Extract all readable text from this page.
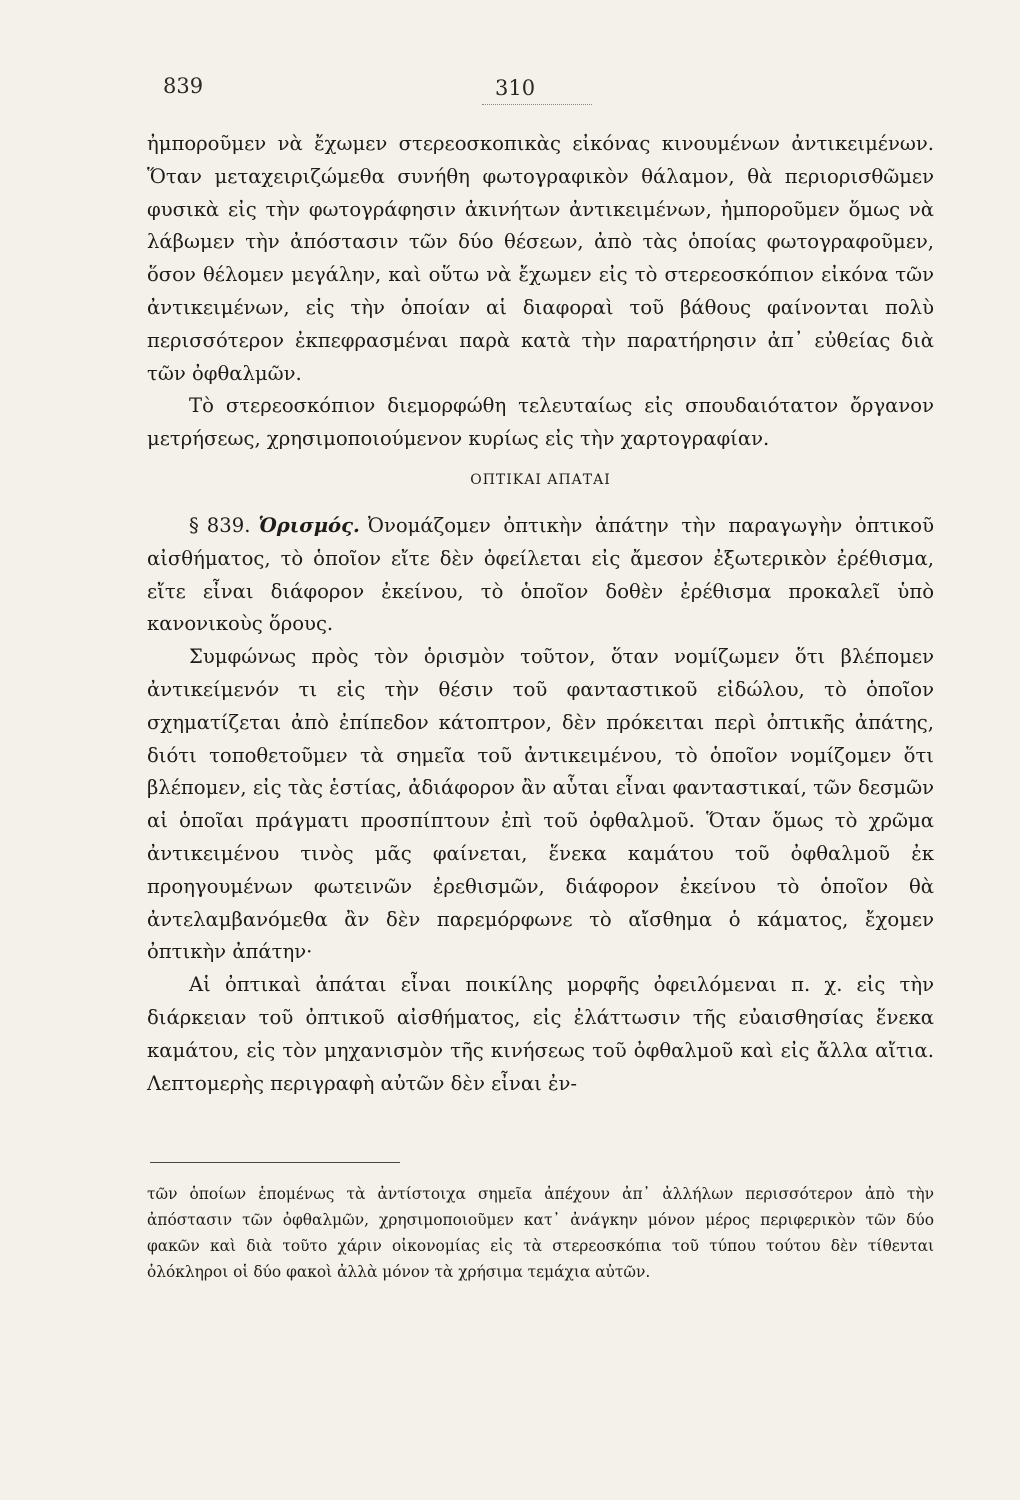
839	310

ἠμποροῦμεν νὰ ἔχωμεν στερεοσκοπικὰς εἰκόνας κινουμένων ἀντικειμένων. Ὅταν μεταχειριζώμεθα συνήθη φωτογραφικὸν θάλαμον, θὰ περιορισθῶμεν φυσικὰ εἰς τὴν φωτογράφησιν ἀκινήτων ἀντικειμένων, ἠμποροῦμεν ὅμως νὰ λάβωμεν τὴν ἀπόστασιν τῶν δύο θέσεων, ἀπὸ τὰς ὁποίας φωτογραφοῦμεν, ὅσον θέλομεν μεγάλην, καὶ οὕτω νὰ ἔχωμεν εἰς τὸ στερεοσκόπιον εἰκόνα τῶν ἀντικειμένων, εἰς τὴν ὁποίαν αἱ διαφοραὶ τοῦ βάθους φαίνονται πολὺ περισσότερον ἐκπεφρασμέναι παρὰ κατὰ τὴν παρατήρησιν ἀπ᾿ εὐθείας διὰ τῶν ὀφθαλμῶν.

Τὸ στερεοσκόπιον διεμορφώθη τελευταίως εἰς σπουδαιότατον ὄργανον μετρήσεως, χρησιμοποιούμενον κυρίως εἰς τὴν χαρτογραφίαν.

ΟΠΤΙΚΑΙ ΑΠΑΤΑΙ

§ 839. Ὁρισμός. Ὀνομάζομεν ὀπτικὴν ἀπάτην τὴν παραγωγὴν ὀπτικοῦ αἰσθήματος, τὸ ὁποῖον εἴτε δὲν ὀφείλεται εἰς ἄμεσον ἐξωτερικὸν ἐρέθισμα, εἴτε εἶναι διάφορον ἐκείνου, τὸ ὁποῖον δοθὲν ἐρέθισμα προκαλεῖ ὑπὸ κανονικοὺς ὅρους.

Συμφώνως πρὸς τὸν ὁρισμὸν τοῦτον, ὅταν νομίζωμεν ὅτι βλέπομεν ἀντικείμενόν τι εἰς τὴν θέσιν τοῦ φανταστικοῦ εἰδώλου, τὸ ὁποῖον σχηματίζεται ἀπὸ ἐπίπεδον κάτοπτρον, δὲν πρόκειται περὶ ὀπτικῆς ἀπάτης, διότι τοποθετοῦμεν τὰ σημεῖα τοῦ ἀντικειμένου, τὸ ὁποῖον νομίζομεν ὅτι βλέπομεν, εἰς τὰς ἑστίας, ἀδιάφορον ἂν αὗται εἶναι φανταστικαί, τῶν δεσμῶν αἱ ὁποῖαι πράγματι προσπίπτουν ἐπὶ τοῦ ὀφθαλμοῦ. Ὅταν ὅμως τὸ χρῶμα ἀντικειμένου τινὸς μᾶς φαίνεται, ἕνεκα καμάτου τοῦ ὀφθαλμοῦ ἐκ προηγουμένων φωτεινῶν ἐρεθισμῶν, διάφορον ἐκείνου τὸ ὁποῖον θὰ ἀντελαμβανόμεθα ἂν δὲν παρεμόρφωνε τὸ αἴσθημα ὁ κάματος, ἔχομεν ὀπτικὴν ἀπάτην·

Αἱ ὀπτικαὶ ἀπάται εἶναι ποικίλης μορφῆς ὀφειλόμεναι π. χ. εἰς τὴν διάρκειαν τοῦ ὀπτικοῦ αἰσθήματος, εἰς ἐλάττωσιν τῆς εὐαισθησίας ἕνεκα καμάτου, εἰς τὸν μηχανισμὸν τῆς κινήσεως τοῦ ὀφθαλμοῦ καὶ εἰς ἄλλα αἴτια. Λεπτομερὴς περιγραφὴ αὐτῶν δὲν εἶναι ἐν-

τῶν ὁποίων ἑπομένως τὰ ἀντίστοιχα σημεῖα ἀπέχουν ἀπ᾿ ἀλλήλων περισσότερον ἀπὸ τὴν ἀπόστασιν τῶν ὀφθαλμῶν, χρησιμοποιοῦμεν κατ᾿ ἀνάγκην μόνον μέρος περιφερικὸν τῶν δύο φακῶν καὶ διὰ τοῦτο χάριν οἰκονομίας εἰς τὰ στερεοσκόπια τοῦ τύπου τούτου δὲν τίθενται ὁλόκληροι οἱ δύο φακοὶ ἀλλὰ μόνον τὰ χρήσιμα τεμάχια αὐτῶν.
